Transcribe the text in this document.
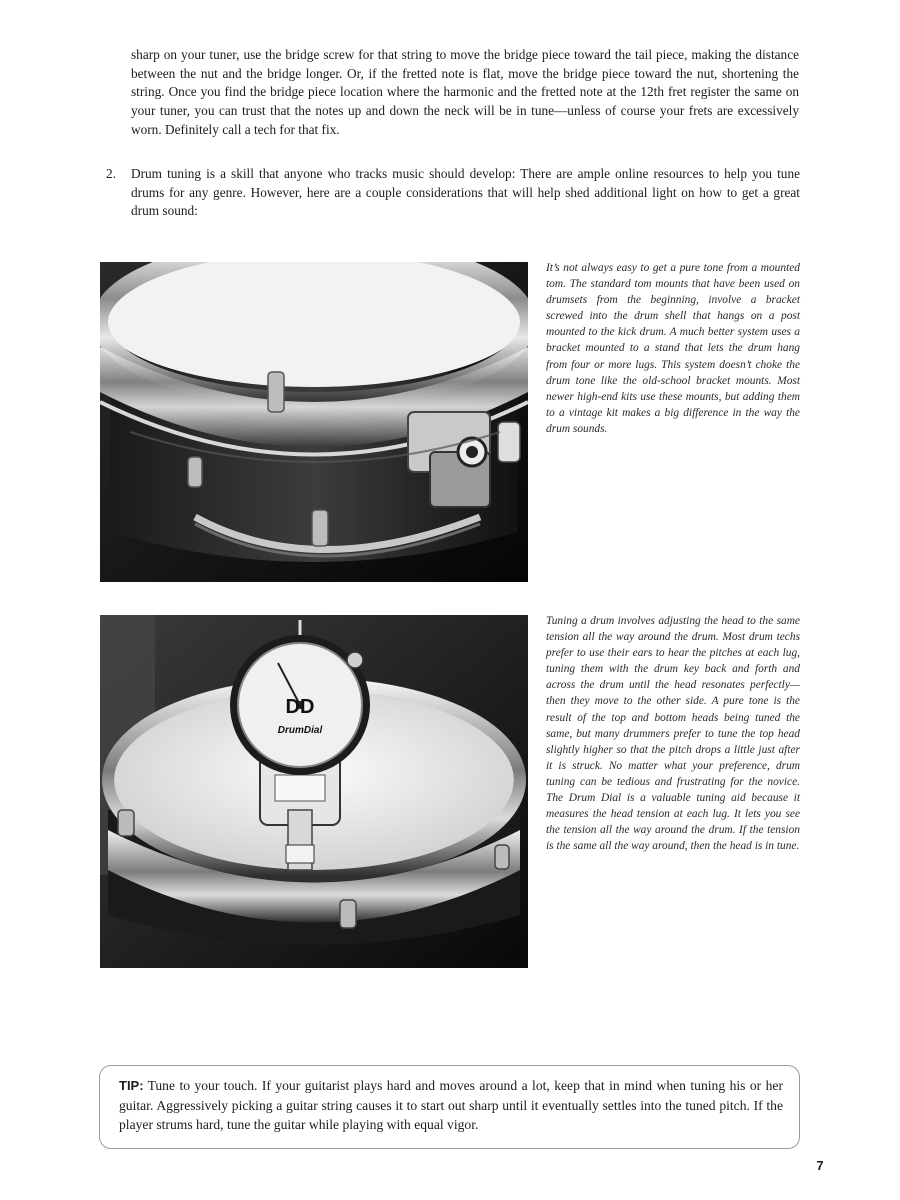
sharp on your tuner, use the bridge screw for that string to move the bridge piece toward the tail piece, making the distance between the nut and the bridge longer. Or, if the fretted note is flat, move the bridge piece toward the nut, shortening the string. Once you find the bridge piece location where the harmonic and the fretted note at the 12th fret register the same on your tuner, you can trust that the notes up and down the neck will be in tune—unless of course your frets are excessively worn. Definitely call a tech for that fix.

2.	Drum tuning is a skill that anyone who tracks music should develop: There are ample online resources to help you tune drums for any genre. However, here are a couple considerations that will help shed additional light on how to get a great drum sound:

It’s not always easy to get a pure tone from a mounted tom. The standard tom mounts that have been used on drumsets from the beginning, involve a bracket screwed into the drum shell that hangs on a post mounted to the kick drum. A much better system uses a bracket mounted to a stand that lets the drum hang from four or more lugs. This system doesn’t choke the drum tone like the old-school bracket mounts. Most newer high-end kits use these mounts, but adding them to a vintage kit makes a big difference in the way the drum sounds.

DD
DrumDial

Tuning a drum involves adjusting the head to the same tension all the way around the drum. Most drum techs prefer to use their ears to hear the pitches at each lug, tuning them with the drum key back and forth and across the drum until the head resonates perfectly—then they move to the other side. A pure tone is the result of the top and bottom heads being tuned the same, but many drummers prefer to tune the top head slightly higher so that the pitch drops a little just after it is struck. No matter what your preference, drum tuning can be tedious and frustrating for the novice. The Drum Dial is a valuable tuning aid because it measures the head tension at each lug. It lets you see the tension all the way around the drum. If the tension is the same all the way around, then the head is in tune.

TIP: Tune to your touch. If your guitarist plays hard and moves around a lot, keep that in mind when tuning his or her guitar. Aggressively picking a guitar string causes it to start out sharp until it eventually settles into the tuned pitch. If the player strums hard, tune the guitar while playing with equal vigor.

7
